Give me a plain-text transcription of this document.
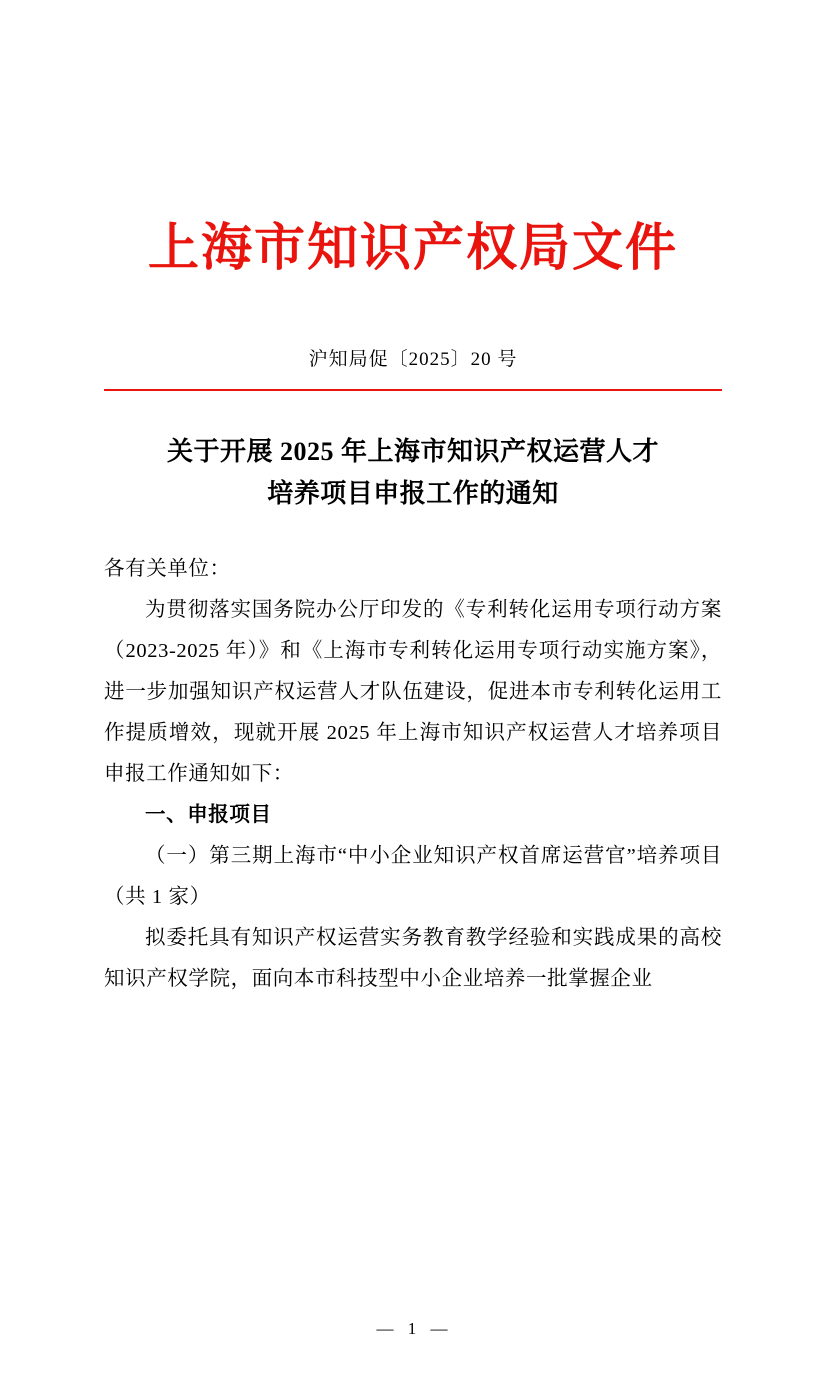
上海市知识产权局文件
沪知局促〔2025〕20 号
关于开展 2025 年上海市知识产权运营人才
培养项目申报工作的通知

各有关单位：

为贯彻落实国务院办公厅印发的《专利转化运用专项行动方案（2023-2025 年）》和《上海市专利转化运用专项行动实施方案》，进一步加强知识产权运营人才队伍建设，促进本市专利转化运用工作提质增效，现就开展 2025 年上海市知识产权运营人才培养项目申报工作通知如下：

一、申报项目

（一）第三期上海市“中小企业知识产权首席运营官”培养项目（共 1 家）

拟委托具有知识产权运营实务教育教学经验和实践成果的高校知识产权学院，面向本市科技型中小企业培养一批掌握企业

— 1 —
